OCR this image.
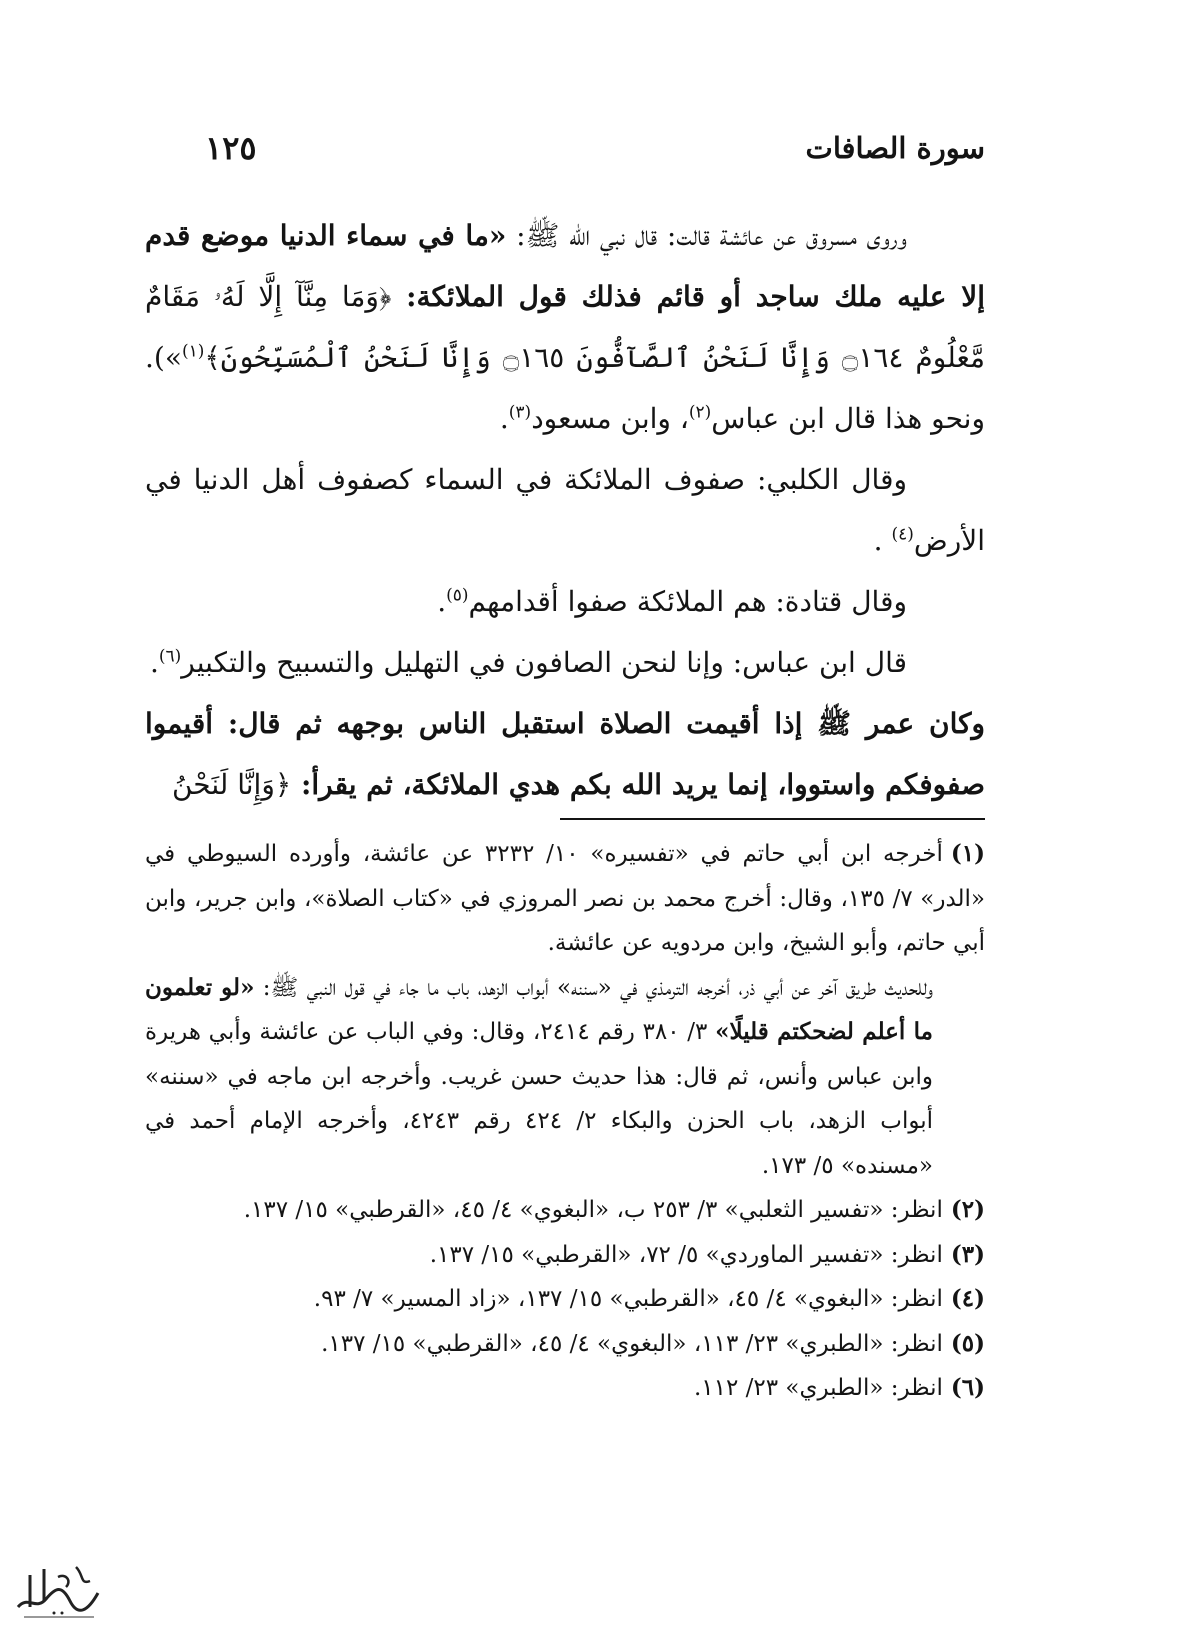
سورة الصافات
١٢٥

وروى مسروق عن عائشة قالت: قال نبي الله ﷺ: «ما في سماء الدنيا موضع قدم إلا عليه ملك ساجد أو قائم فذلك قول الملائكة: ﴿وَمَا مِنَّآ إِلَّا لَهُۥ مَقَامٌ مَّعْلُومٌ ۝١٦٤ وَإِنَّا لَنَحْنُ ٱلصَّآفُّونَ ۝١٦٥ وَإِنَّا لَنَحْنُ ٱلْمُسَبِّحُونَ﴾$^{(١)}$»). ونحو هذا قال ابن عباس$^{(٢)}$، وابن مسعود$^{(٣)}$.

وقال الكلبي: صفوف الملائكة في السماء كصفوف أهل الدنيا في الأرض$^{(٤)}$ .

وقال قتادة: هم الملائكة صفوا أقدامهم$^{(٥)}$.

قال ابن عباس: وإنا لنحن الصافون في التهليل والتسبيح والتكبير$^{(٦)}$.

وكان عمر ﷺ إذا أقيمت الصلاة استقبل الناس بوجهه ثم قال: أقيموا صفوفكم واستووا، إنما يريد الله بكم هدي الملائكة، ثم يقرأ: ﴿وَإِنَّا لَنَحْنُ

(١)أخرجه ابن أبي حاتم في «تفسيره» ١٠/ ٣٢٣٢ عن عائشة، وأورده السيوطي في «الدر» ٧/ ١٣٥، وقال: أخرج محمد بن نصر المروزي في «كتاب الصلاة»، وابن جرير، وابن أبي حاتم، وأبو الشيخ، وابن مردويه عن عائشة.

وللحديث طريق آخر عن أبي ذر، أخرجه الترمذي في «سننه» أبواب الزهد، باب ما جاء في قول النبي ﷺ: «لو تعلمون ما أعلم لضحكتم قليلًا» ٣/ ٣٨٠ رقم ٢٤١٤، وقال: وفي الباب عن عائشة وأبي هريرة وابن عباس وأنس، ثم قال: هذا حديث حسن غريب. وأخرجه ابن ماجه في «سننه» أبواب الزهد، باب الحزن والبكاء ٢/ ٤٢٤ رقم ٤٢٤٣، وأخرجه الإمام أحمد في «مسنده» ٥/ ١٧٣.

(٢)انظر: «تفسير الثعلبي» ٣/ ٢٥٣ ب، «البغوي» ٤/ ٤٥، «القرطبي» ١٥/ ١٣٧.

(٣)انظر: «تفسير الماوردي» ٥/ ٧٢، «القرطبي» ١٥/ ١٣٧.

(٤)انظر: «البغوي» ٤/ ٤٥، «القرطبي» ١٥/ ١٣٧، «زاد المسير» ٧/ ٩٣.

(٥)انظر: «الطبري» ٢٣/ ١١٣، «البغوي» ٤/ ٤٥، «القرطبي» ١٥/ ١٣٧.

(٦)انظر: «الطبري» ٢٣/ ١١٢.
